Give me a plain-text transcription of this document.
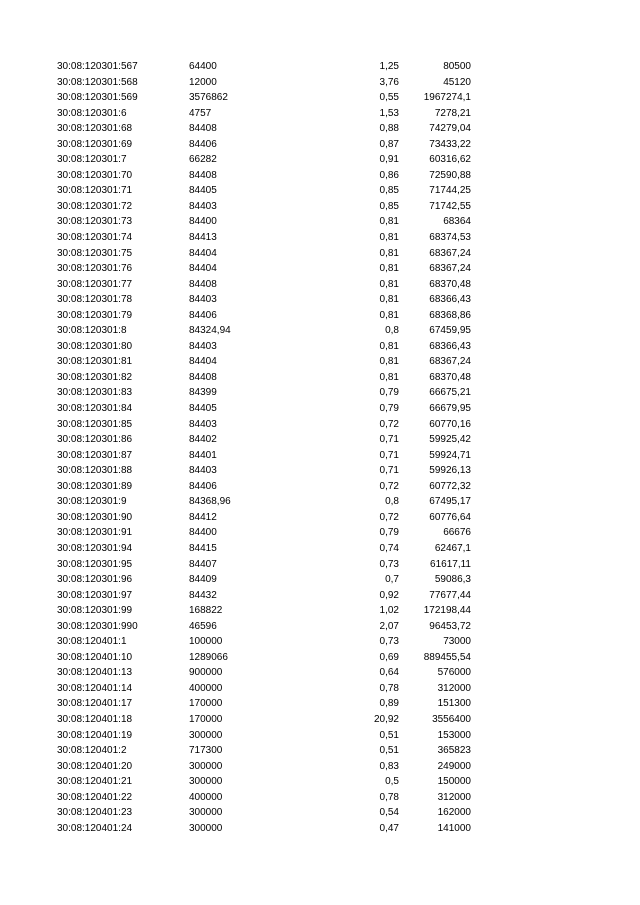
30:08:120301:567	64400	1,25	80500
30:08:120301:568	12000	3,76	45120
30:08:120301:569	3576862	0,55 1967274,1
30:08:120301:6	4757	1,53	7278,21
30:08:120301:68	84408	0,88	74279,04
30:08:120301:69	84406	0,87	73433,22
30:08:120301:7	66282	0,91	60316,62
30:08:120301:70	84408	0,86	72590,88
30:08:120301:71	84405	0,85	71744,25
30:08:120301:72	84403	0,85	71742,55
30:08:120301:73	84400	0,81	68364
30:08:120301:74	84413	0,81	68374,53
30:08:120301:75	84404	0,81	68367,24
30:08:120301:76	84404	0,81	68367,24
30:08:120301:77	84408	0,81	68370,48
30:08:120301:78	84403	0,81	68366,43
30:08:120301:79	84406	0,81	68368,86
30:08:120301:8	84324,94	0,8	67459,95
30:08:120301:80	84403	0,81	68366,43
30:08:120301:81	84404	0,81	68367,24
30:08:120301:82	84408	0,81	68370,48
30:08:120301:83	84399	0,79	66675,21
30:08:120301:84	84405	0,79	66679,95
30:08:120301:85	84403	0,72	60770,16
30:08:120301:86	84402	0,71	59925,42
30:08:120301:87	84401	0,71	59924,71
30:08:120301:88	84403	0,71	59926,13
30:08:120301:89	84406	0,72	60772,32
30:08:120301:9	84368,96	0,8	67495,17
30:08:120301:90	84412	0,72	60776,64
30:08:120301:91	84400	0,79	66676
30:08:120301:94	84415	0,74	62467,1
30:08:120301:95	84407	0,73	61617,11
30:08:120301:96	84409	0,7	59086,3
30:08:120301:97	84432	0,92	77677,44
30:08:120301:99	168822	1,02 172198,44
30:08:120301:990	46596	2,07	96453,72
30:08:120401:1	100000	0,73	73000
30:08:120401:10	1289066	0,69 889455,54
30:08:120401:13	900000	0,64	576000
30:08:120401:14	400000	0,78	312000
30:08:120401:17	170000	0,89	151300
30:08:120401:18	170000	20,92	3556400
30:08:120401:19	300000	0,51	153000
30:08:120401:2	717300	0,51	365823
30:08:120401:20	300000	0,83	249000
30:08:120401:21	300000	0,5	150000
30:08:120401:22	400000	0,78	312000
30:08:120401:23	300000	0,54	162000
30:08:120401:24	300000	0,47	141000
